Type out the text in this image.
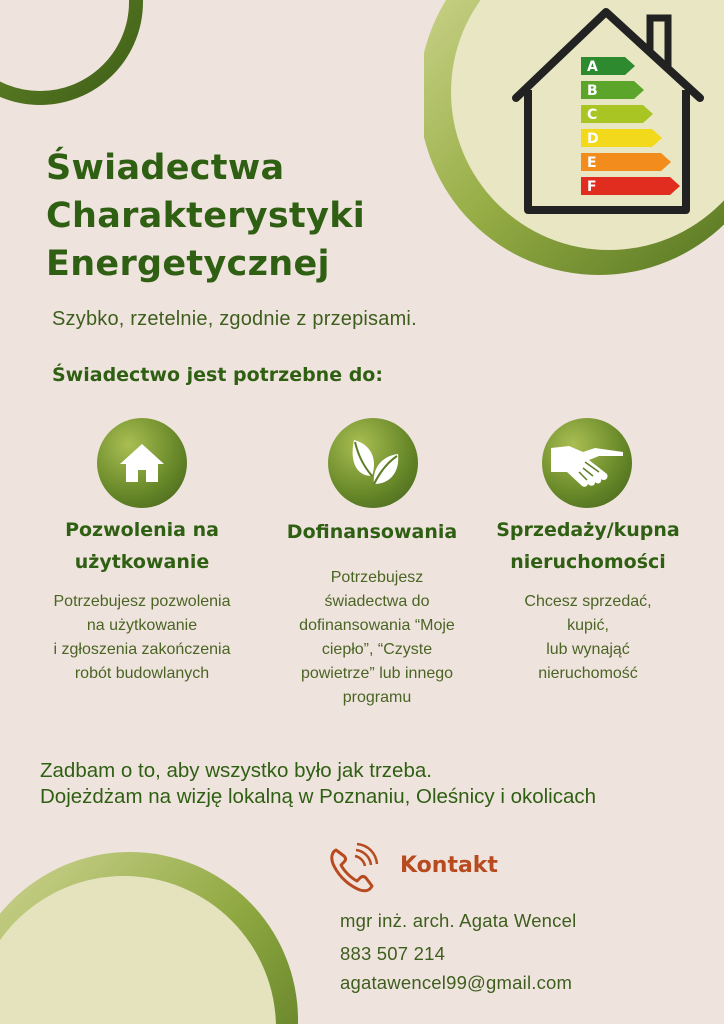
A
B
C
D
E
F
Świadectwa
Charakterystyki
Energetycznej
Szybko, rzetelnie, zgodnie z przepisami.
Świadectwo jest potrzebne do:
Pozwolenia na
użytkowanie
Dofinansowania	Sprzedaży/kupna
nieruchomości
Potrzebujesz pozwolenia
na użytkowanie
i zgłoszenia zakończenia
robót budowlanych
Potrzebujesz
świadectwa do
dofinansowania “Moje
ciepło”, “Czyste
powietrze” lub innego
programu
Chcesz sprzedać,
kupić,
lub wynająć
nieruchomość
Zadbam o to, aby wszystko było jak trzeba.
Dojeżdżam na wizję lokalną w Poznaniu, Oleśnicy i okolicach
Kontakt
mgr inż. arch. Agata Wencel
883 507 214
agatawencel99@gmail.com
